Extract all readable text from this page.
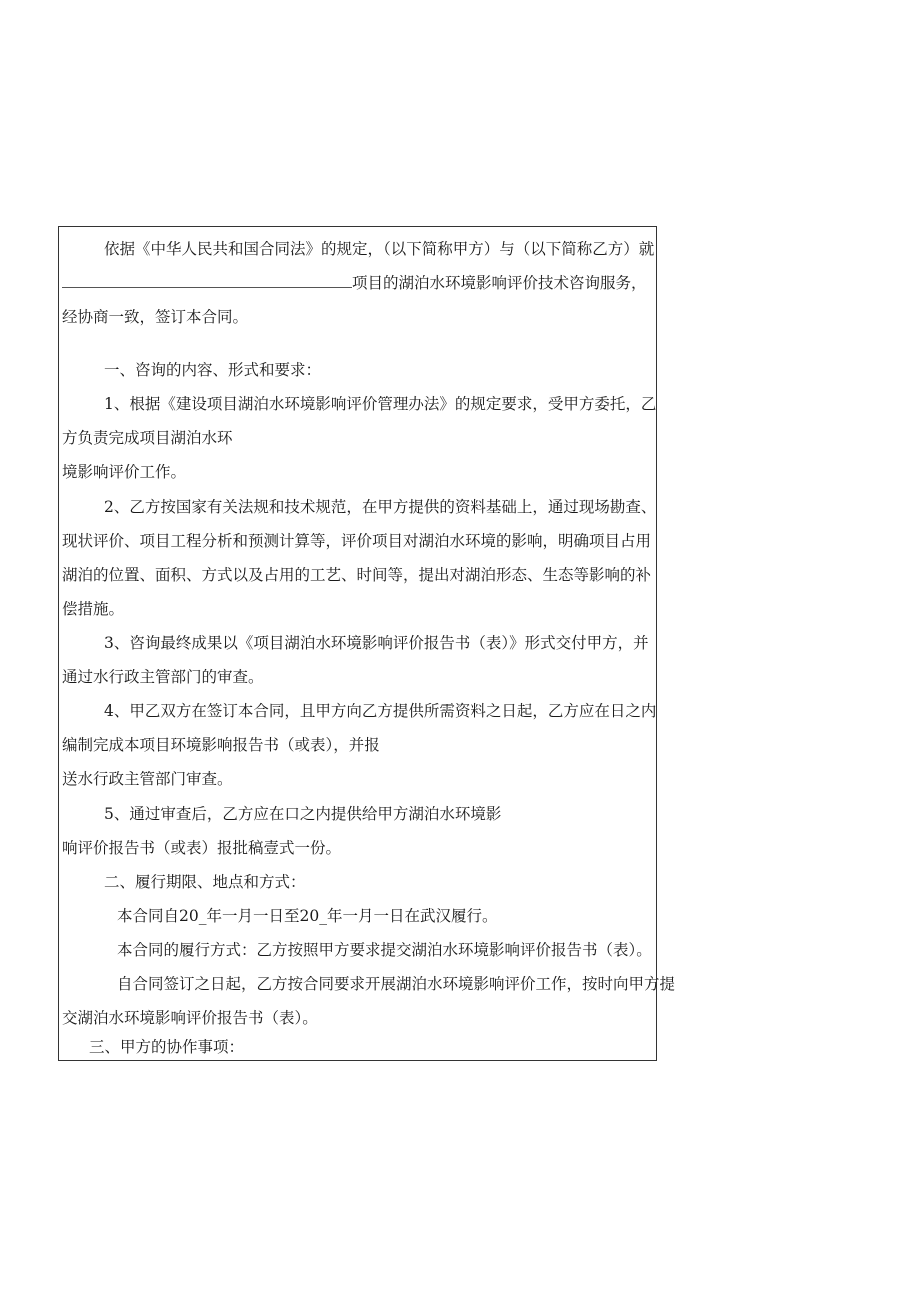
依据《中华人民共和国合同法》的规定，（以下简称甲方）与（以下简称乙方）就
项目的湖泊水环境影响评价技术咨询服务，
经协商一致，签订本合同。
一、咨询的内容、形式和要求：
1、根据《建设项目湖泊水环境影响评价管理办法》的规定要求，受甲方委托，乙
方负责完成项目湖泊水环
境影响评价工作。
2、乙方按国家有关法规和技术规范，在甲方提供的资料基础上，通过现场勘查、
现状评价、项目工程分析和预测计算等，评价项目对湖泊水环境的影响，明确项目占用
湖泊的位置、面积、方式以及占用的工艺、时间等，提出对湖泊形态、生态等影响的补
偿措施。
3、咨询最终成果以《项目湖泊水环境影响评价报告书（表）》形式交付甲方，并
通过水行政主管部门的审查。
4、甲乙双方在签订本合同，且甲方向乙方提供所需资料之日起，乙方应在日之内
编制完成本项目环境影响报告书（或表），并报
送水行政主管部门审查。
5、通过审查后，乙方应在口之内提供给甲方湖泊水环境影
响评价报告书（或表）报批稿壹式一份。
二、履行期限、地点和方式：
本合同自20_年一月一日至20_年一月一日在武汉履行。
本合同的履行方式：乙方按照甲方要求提交湖泊水环境影响评价报告书（表）。
自合同签订之日起，乙方按合同要求开展湖泊水环境影响评价工作，按时向甲方提
交湖泊水环境影响评价报告书（表）。
三、甲方的协作事项：
